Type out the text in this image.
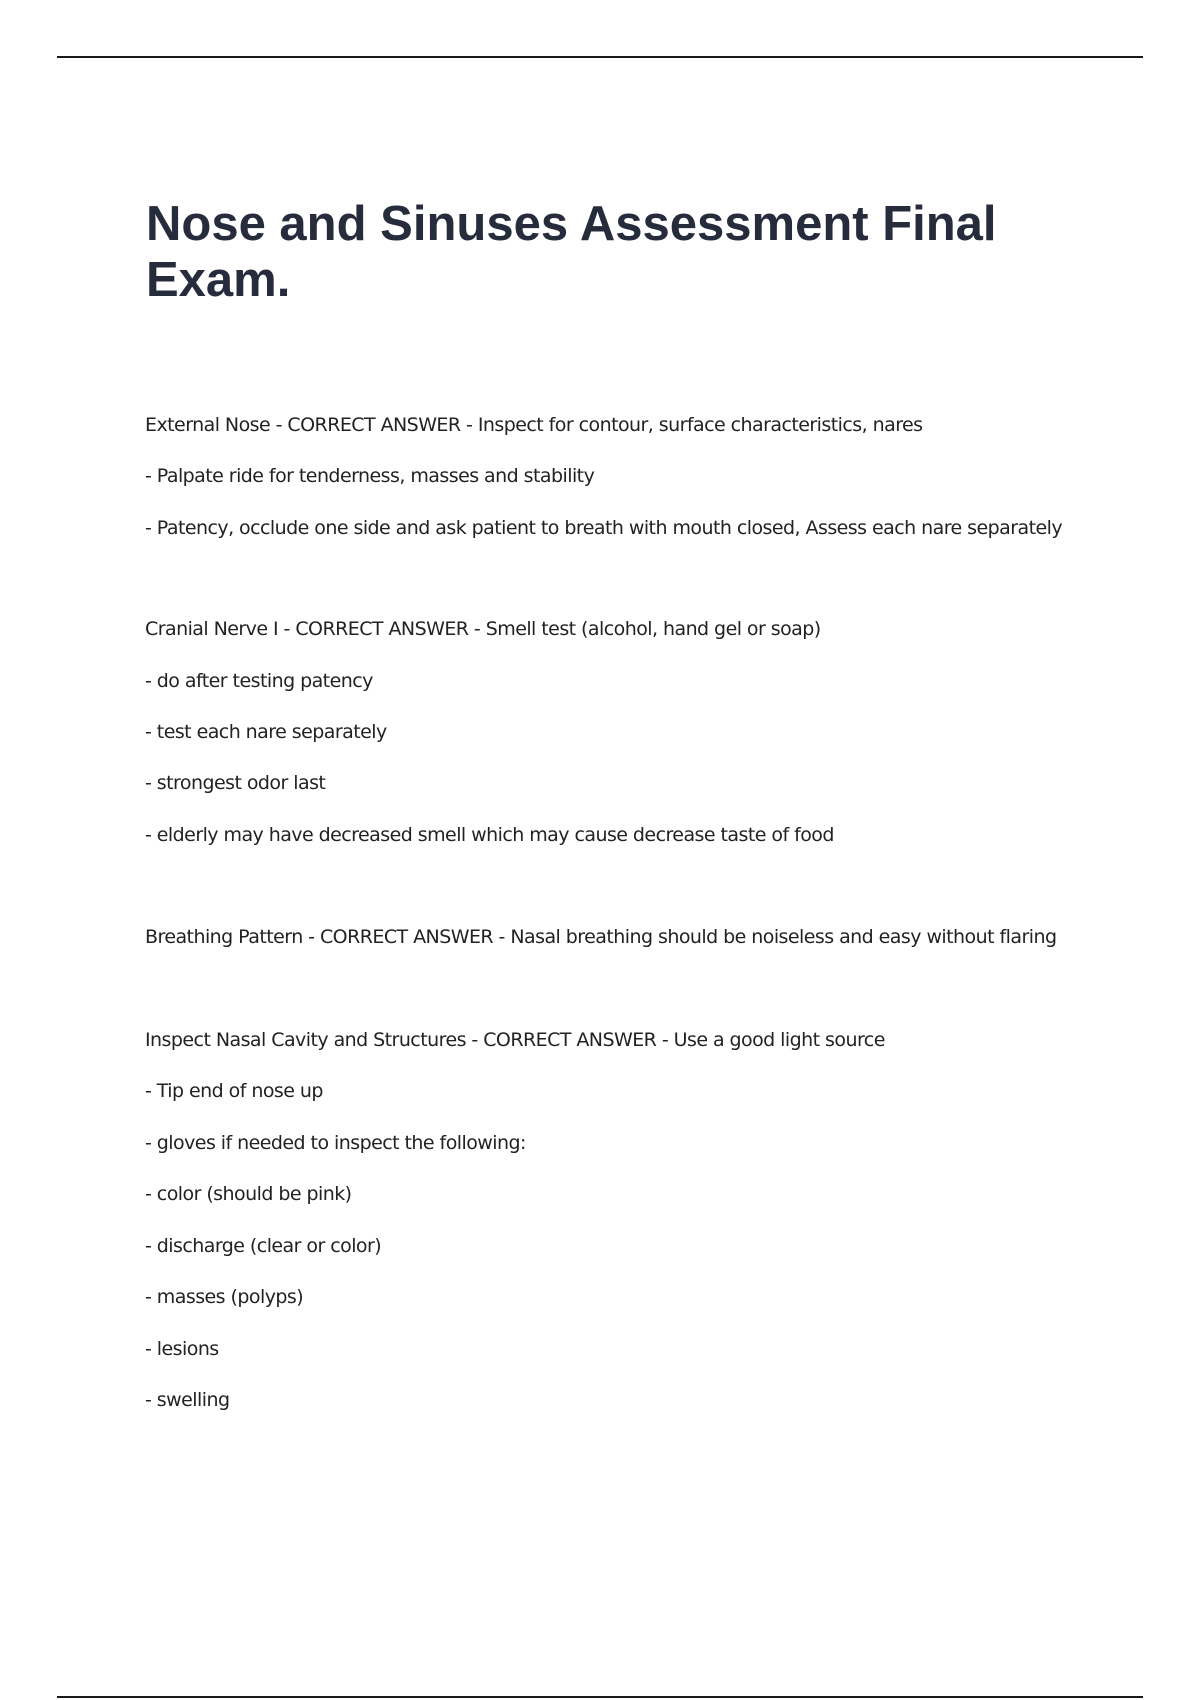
Nose and Sinuses Assessment Final Exam.
External Nose - CORRECT ANSWER - Inspect for contour, surface characteristics, nares
- Palpate ride for tenderness, masses and stability
- Patency, occlude one side and ask patient to breath with mouth closed, Assess each nare separately
Cranial Nerve I - CORRECT ANSWER - Smell test (alcohol, hand gel or soap)
- do after testing patency
- test each nare separately
- strongest odor last
- elderly may have decreased smell which may cause decrease taste of food
Breathing Pattern - CORRECT ANSWER - Nasal breathing should be noiseless and easy without flaring
Inspect Nasal Cavity and Structures - CORRECT ANSWER - Use a good light source
- Tip end of nose up
- gloves if needed to inspect the following:
- color (should be pink)
- discharge (clear or color)
- masses (polyps)
- lesions
- swelling
